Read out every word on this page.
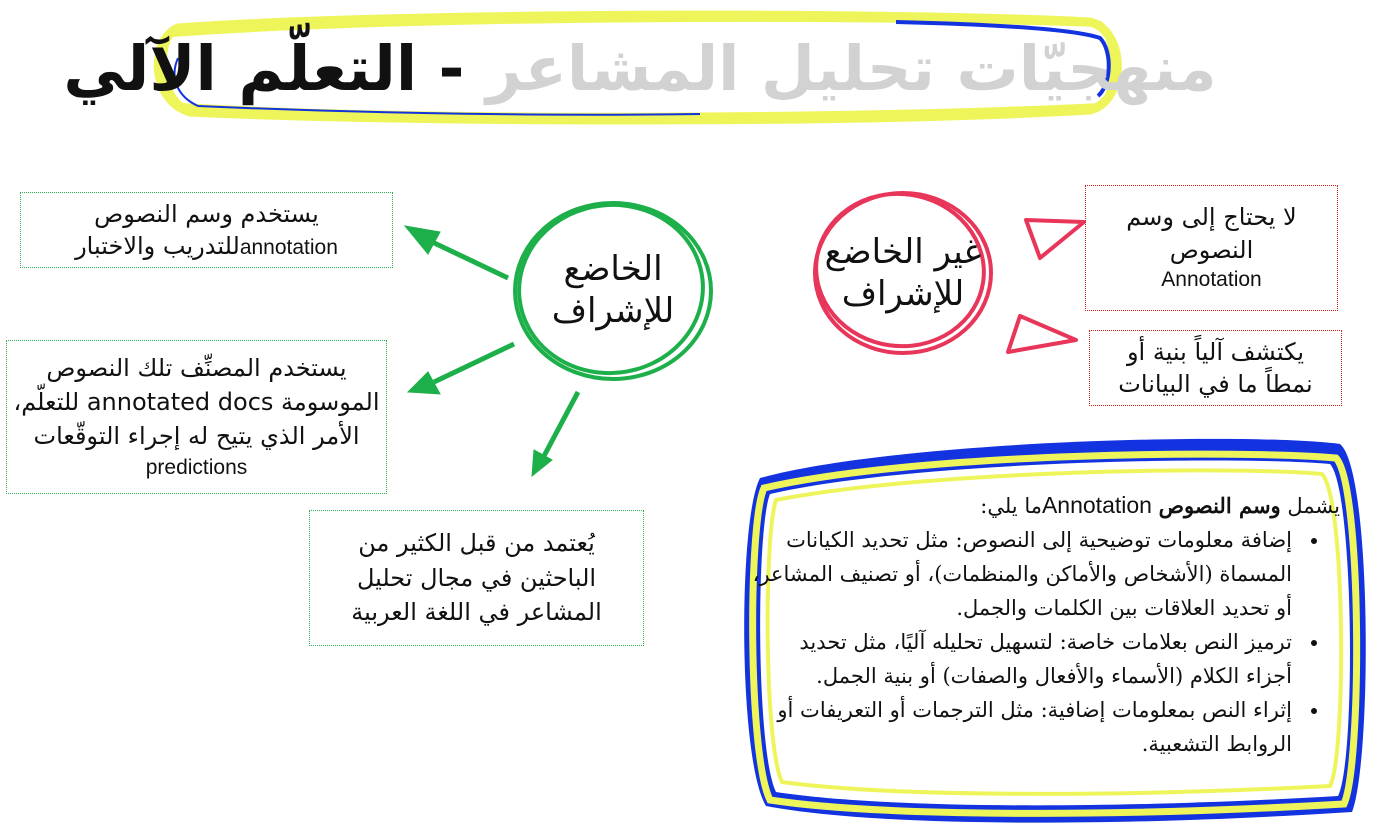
منهجيّات تحليل المشاعر - التعلّم الآلي
الخاضع
للإشراف
غير الخاضع
للإشراف
يستخدم وسم النصوص
annotationللتدريب والاختبار
يستخدم المصنِّف تلك النصوص
الموسومة annotated docs للتعلّم،
الأمر الذي يتيح له إجراء التوقّعات
predictions
يُعتمد من قبل الكثير من
الباحثين في مجال تحليل
المشاعر في اللغة العربية
لا يحتاج إلى وسم
النصوص
Annotation
يكتشف آلياً بنية أو
نمطاً ما في البيانات
يشمل وسم النصوص Annotationما يلي:
• إضافة معلومات توضيحية إلى النصوص: مثل تحديد الكيانات المسماة (الأشخاص والأماكن والمنظمات)، أو تصنيف المشاعر، أو تحديد العلاقات بين الكلمات والجمل.
• ترميز النص بعلامات خاصة: لتسهيل تحليله آليًا، مثل تحديد أجزاء الكلام (الأسماء والأفعال والصفات) أو بنية الجمل.
• إثراء النص بمعلومات إضافية: مثل الترجمات أو التعريفات أو الروابط التشعبية.
